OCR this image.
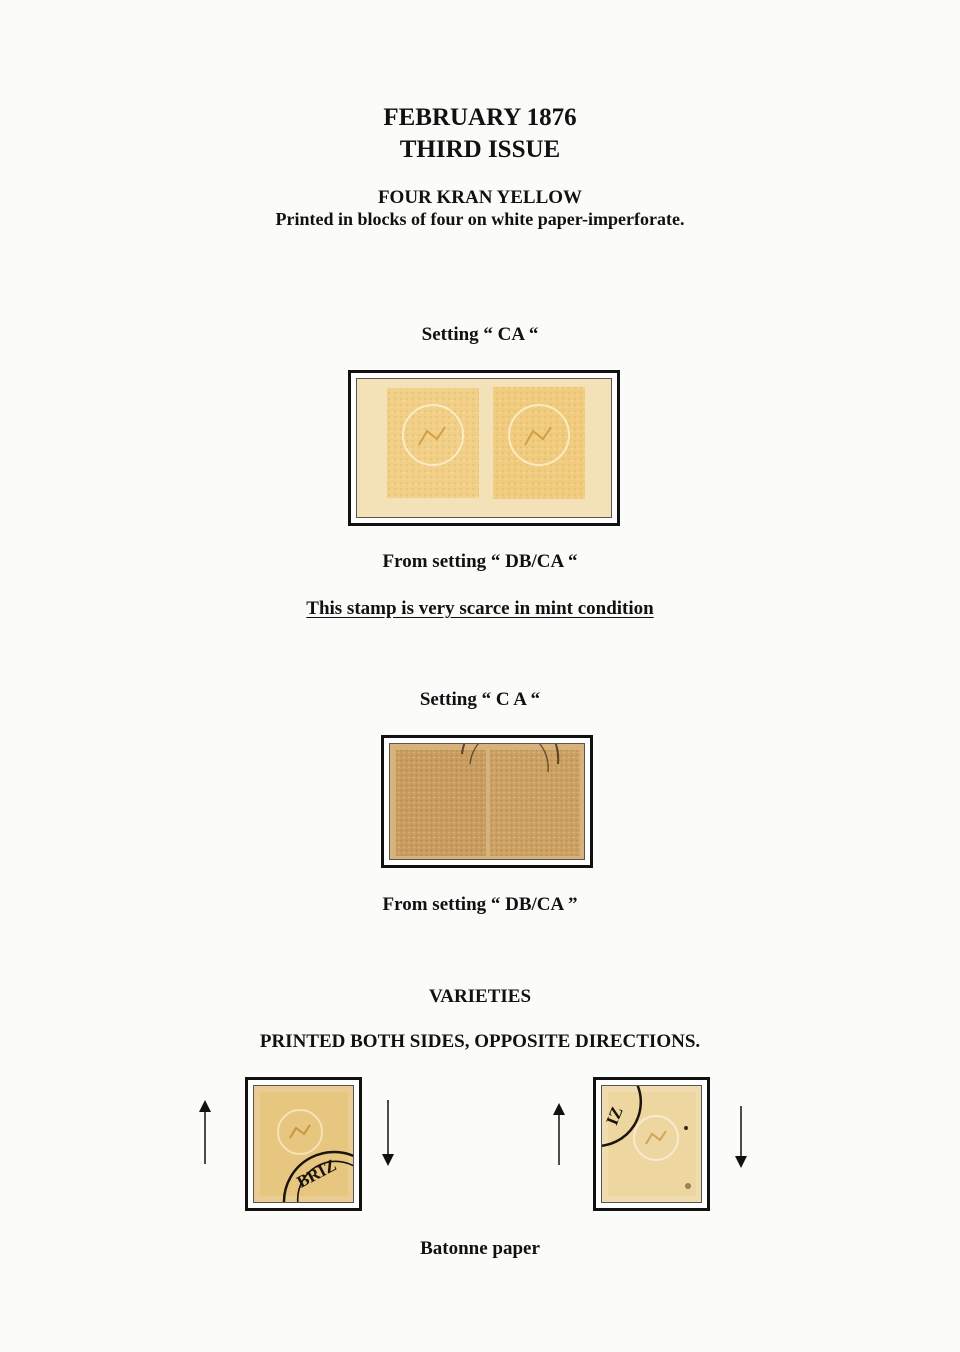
FEBRUARY 1876
THIRD ISSUE
FOUR KRAN YELLOW
Printed in blocks of four on white paper-imperforate.
Setting “ CA “
From setting “ DB/CA “
This stamp is very scarce in mint condition
Setting “ C A “
From setting “ DB/CA ”
VARIETIES
PRINTED BOTH SIDES, OPPOSITE DIRECTIONS.
BRIZ
IZ
Batonne paper
